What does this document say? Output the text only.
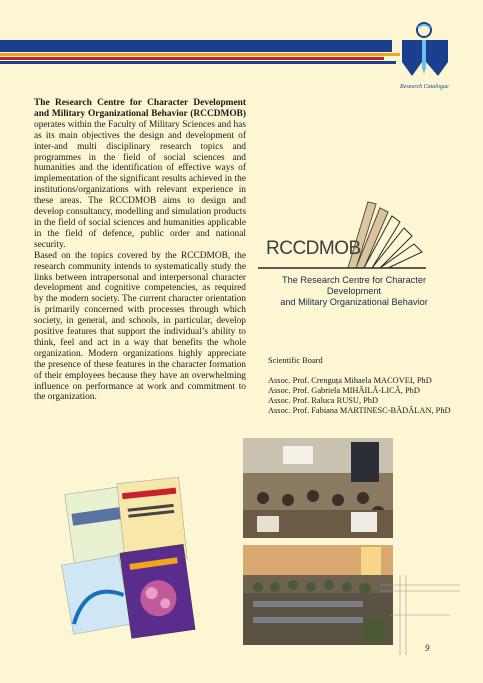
Research Catalogue

The Research Centre for Character Development and Military Organizational Behavior (RCCDMOB) operates within the Faculty of Military Sciences and has as its main objectives the design and development of inter-and multi disciplinary research topics and programmes in the field of social sciences and humanities and the identification of effective ways of implementation of the significant results achieved in the institutions/organizations with relevant experience in these areas. The RCCDMOB aims to design and develop consultancy, modelling and simulation products in the field of social sciences and humanities applicable in the field of defence, public order and national security.

Based on the topics covered by the RCCDMOB, the research community intends to systematically study the links between intrapersonal and interpersonal character development and cognitive competencies, as required by the modern society. The current character orientation is primarily concerned with processes through which society, in general, and schools, in particular, develop positive features that support the individual’s ability to think, feel and act in a way that benefits the whole organization. Modern organizations highly appreciate the presence of these features in the character formation of their employees because they have an overwhelming influence on performance at work and commitment to the organization.

RCCDMOB
The Research Centre for Character Development
and Military Organizational Behavior
Scientific Board
Assoc. Prof. Crenguța Mihaela MACOVEI, PhD
Assoc. Prof. Gabriela MIHĂILĂ-LICĂ, PhD
Assoc. Prof. Raluca RUSU, PhD
Assoc. Prof. Fabiana MARTINESC-BĂDĂLAN, PhD
9
